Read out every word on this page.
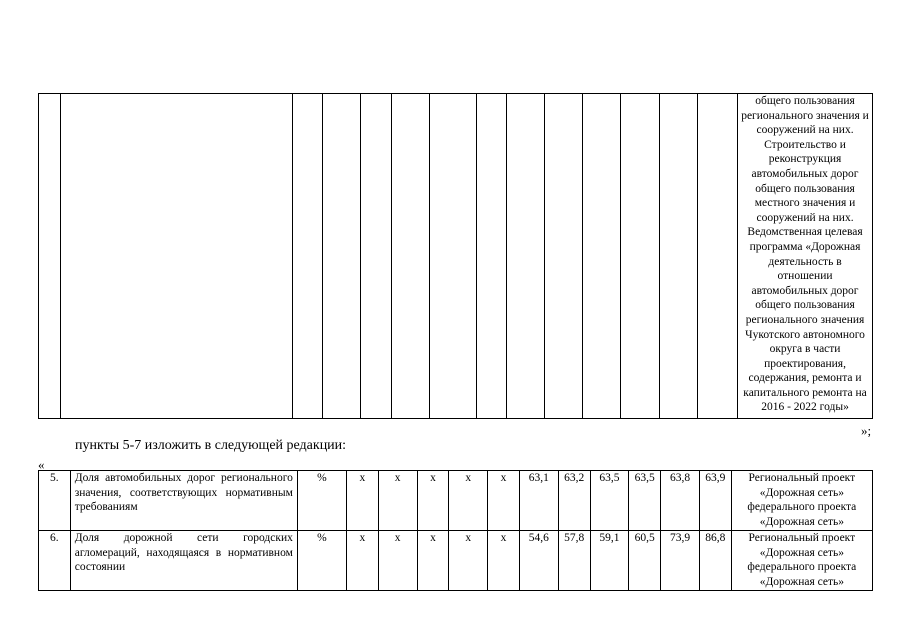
														общего пользования регионального значения и сооружений на них. Строительство и реконструкция автомобильных дорог общего пользования местного значения и сооружений на них. Ведомственная целевая программа «Дорожная деятельность в отношении автомобильных дорог общего пользования регионального значения Чукотского автономного округа в части проектирования, содержания, ремонта и капитального ремонта на 2016 - 2022 годы»
»;
пункты 5-7 изложить в следующей редакции:
«
5.	Доля автомобильных дорог регионального значения, соответствующих нормативным требованиям	%	х	х	х	х	х	63,1	63,2	63,5	63,5	63,8	63,9	Региональный проект «Дорожная сеть» федерального проекта «Дорожная сеть»
6.	Доля дорожной сети городских агломераций, находящаяся в нормативном состоянии	%	х	х	х	х	х	54,6	57,8	59,1	60,5	73,9	86,8	Региональный проект «Дорожная сеть» федерального проекта «Дорожная сеть»
